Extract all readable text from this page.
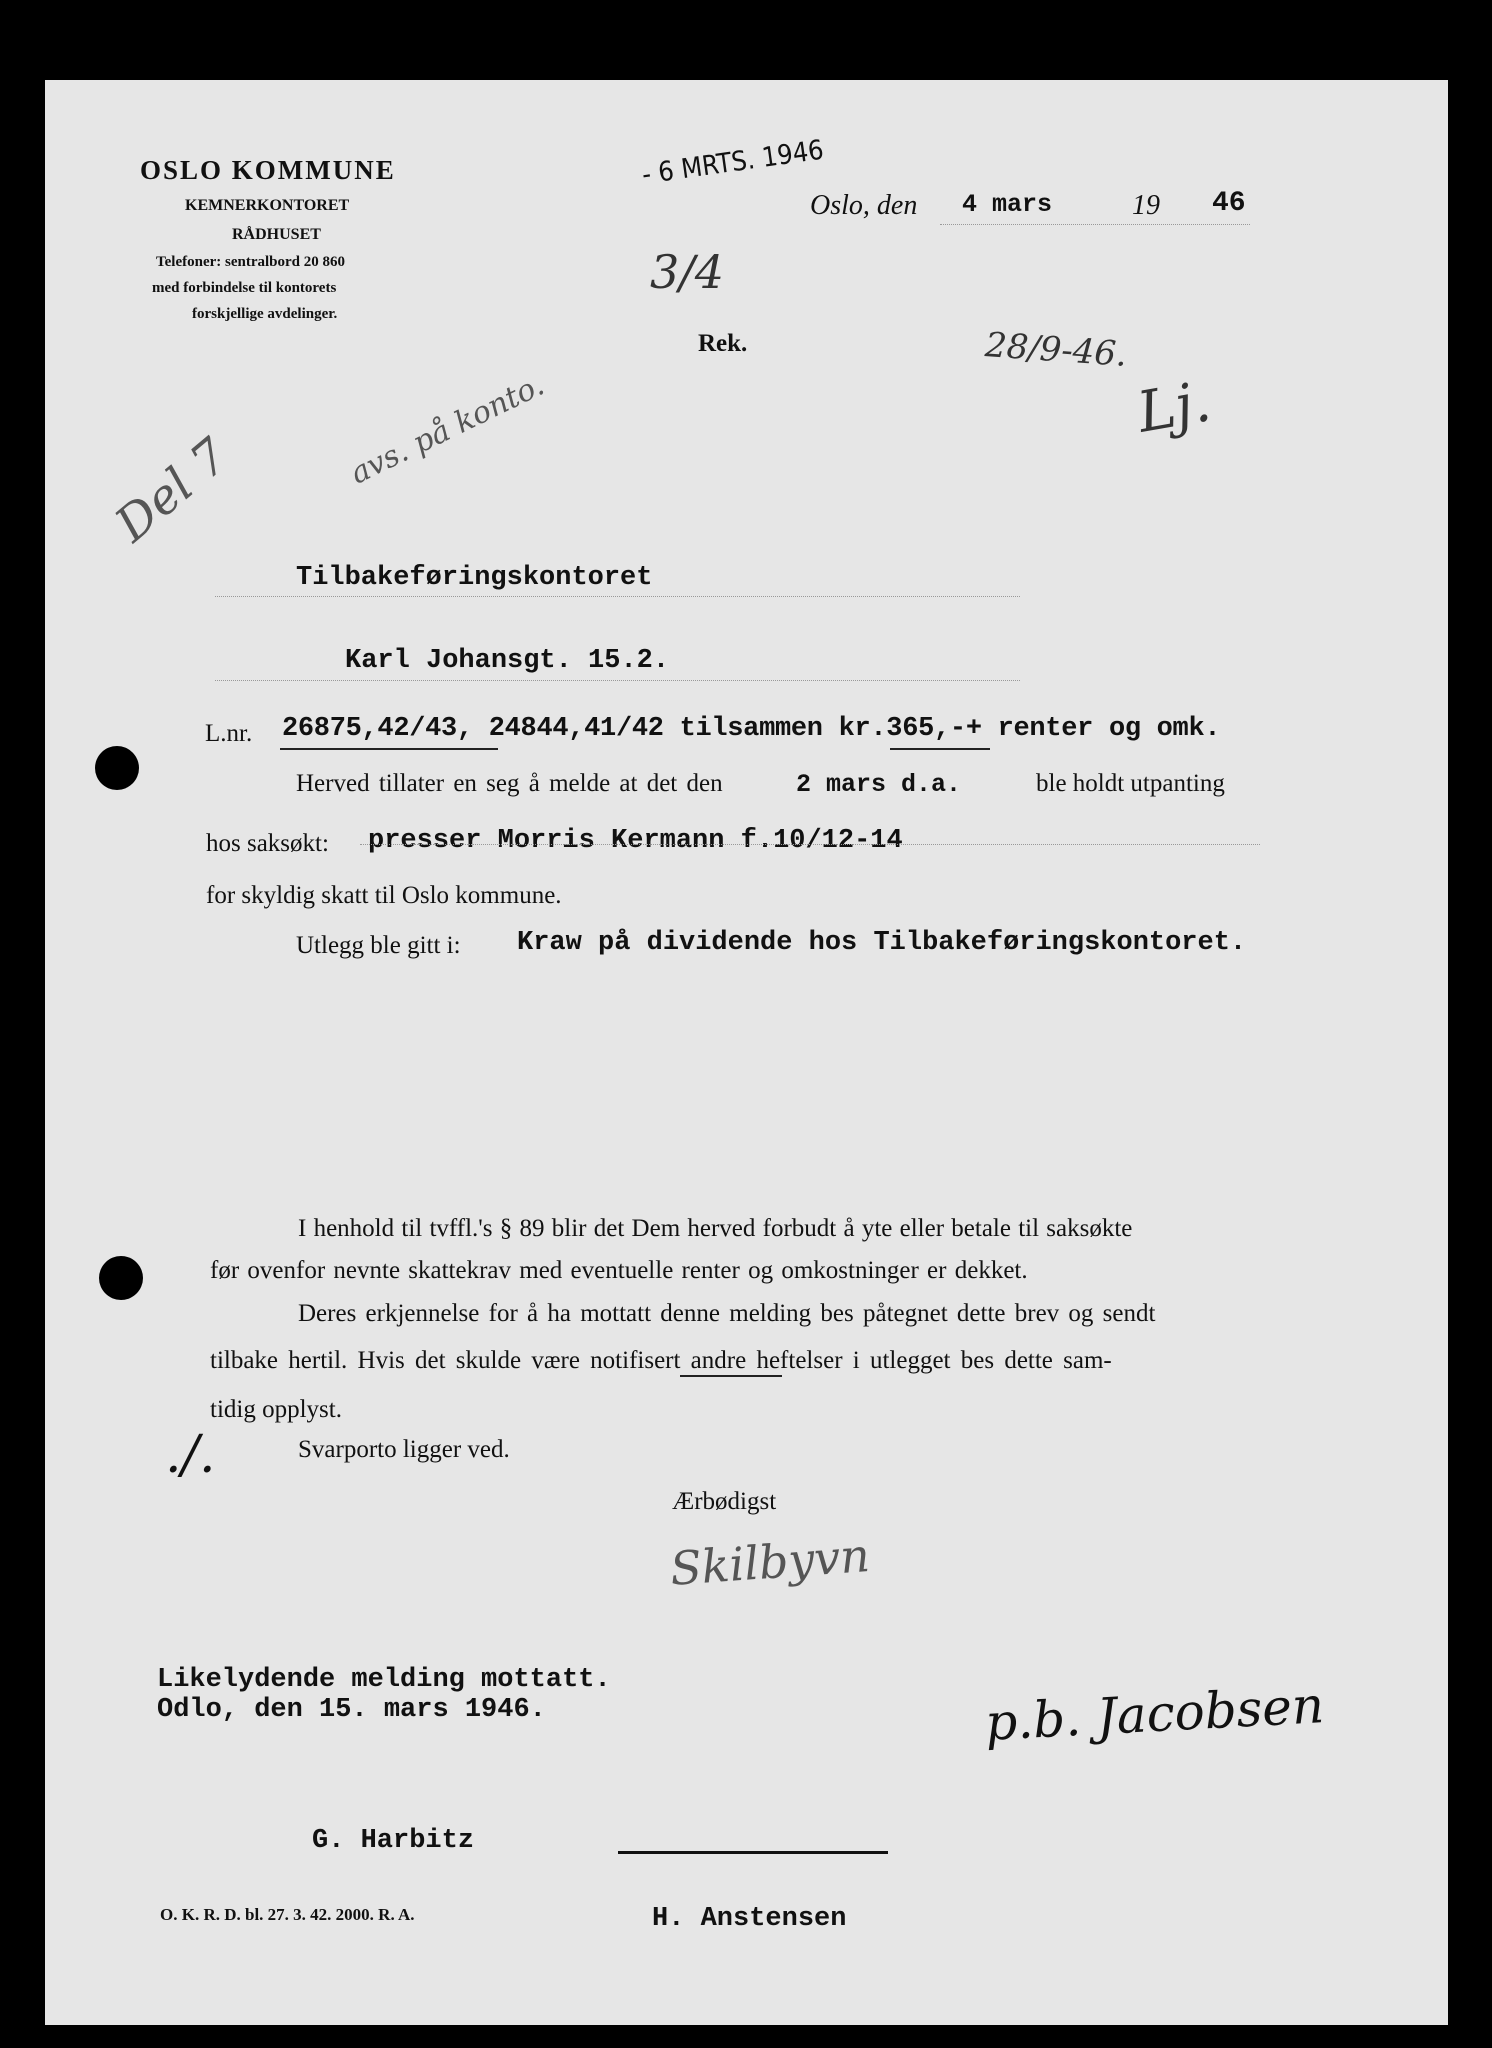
OSLO KOMMUNE
KEMNERKONTORET
RÅDHUSET
Telefoner: sentralbord 20 860
med forbindelse til kontorets
forskjellige avdelinger.
- 6 MRTS. 1946
Oslo, den 4 mars	19 46
3/4
Rek.	28/9-46.
Lj.
avs. på konto.
Del 7
Tilbakeføringskontoret
Karl Johansgt. 15.2.
L.nr. 26875,42/43, 24844,41/42 tilsammen kr.365,-+ renter og omk.
Herved tillater en seg å melde at det den	2 mars d.a.	ble holdt utpanting
hos saksøkt: presser Morris Kermann f.10/12-14
for skyldig skatt til Oslo kommune.
Utlegg ble gitt i: Kraw på dividende hos Tilbakeføringskontoret.
I henhold til tvffl.'s § 89 blir det Dem herved forbudt å yte eller betale til saksøkte
før ovenfor nevnte skattekrav med eventuelle renter og omkostninger er dekket.
Deres erkjennelse for å ha mottatt denne melding bes påtegnet dette brev og sendt
tilbake hertil. Hvis det skulde være notifisert andre heftelser i utlegget bes dette sam-
tidig opplyst.
Svarporto ligger ved.
./.
Ærbødigst
Skilbyvn
Likelydende melding mottatt.
Odlo, den 15. mars 1946.	p.b. Jacobsen
G. Harbitz
H. Anstensen
O. K. R. D. bl. 27. 3. 42. 2000. R. A.
